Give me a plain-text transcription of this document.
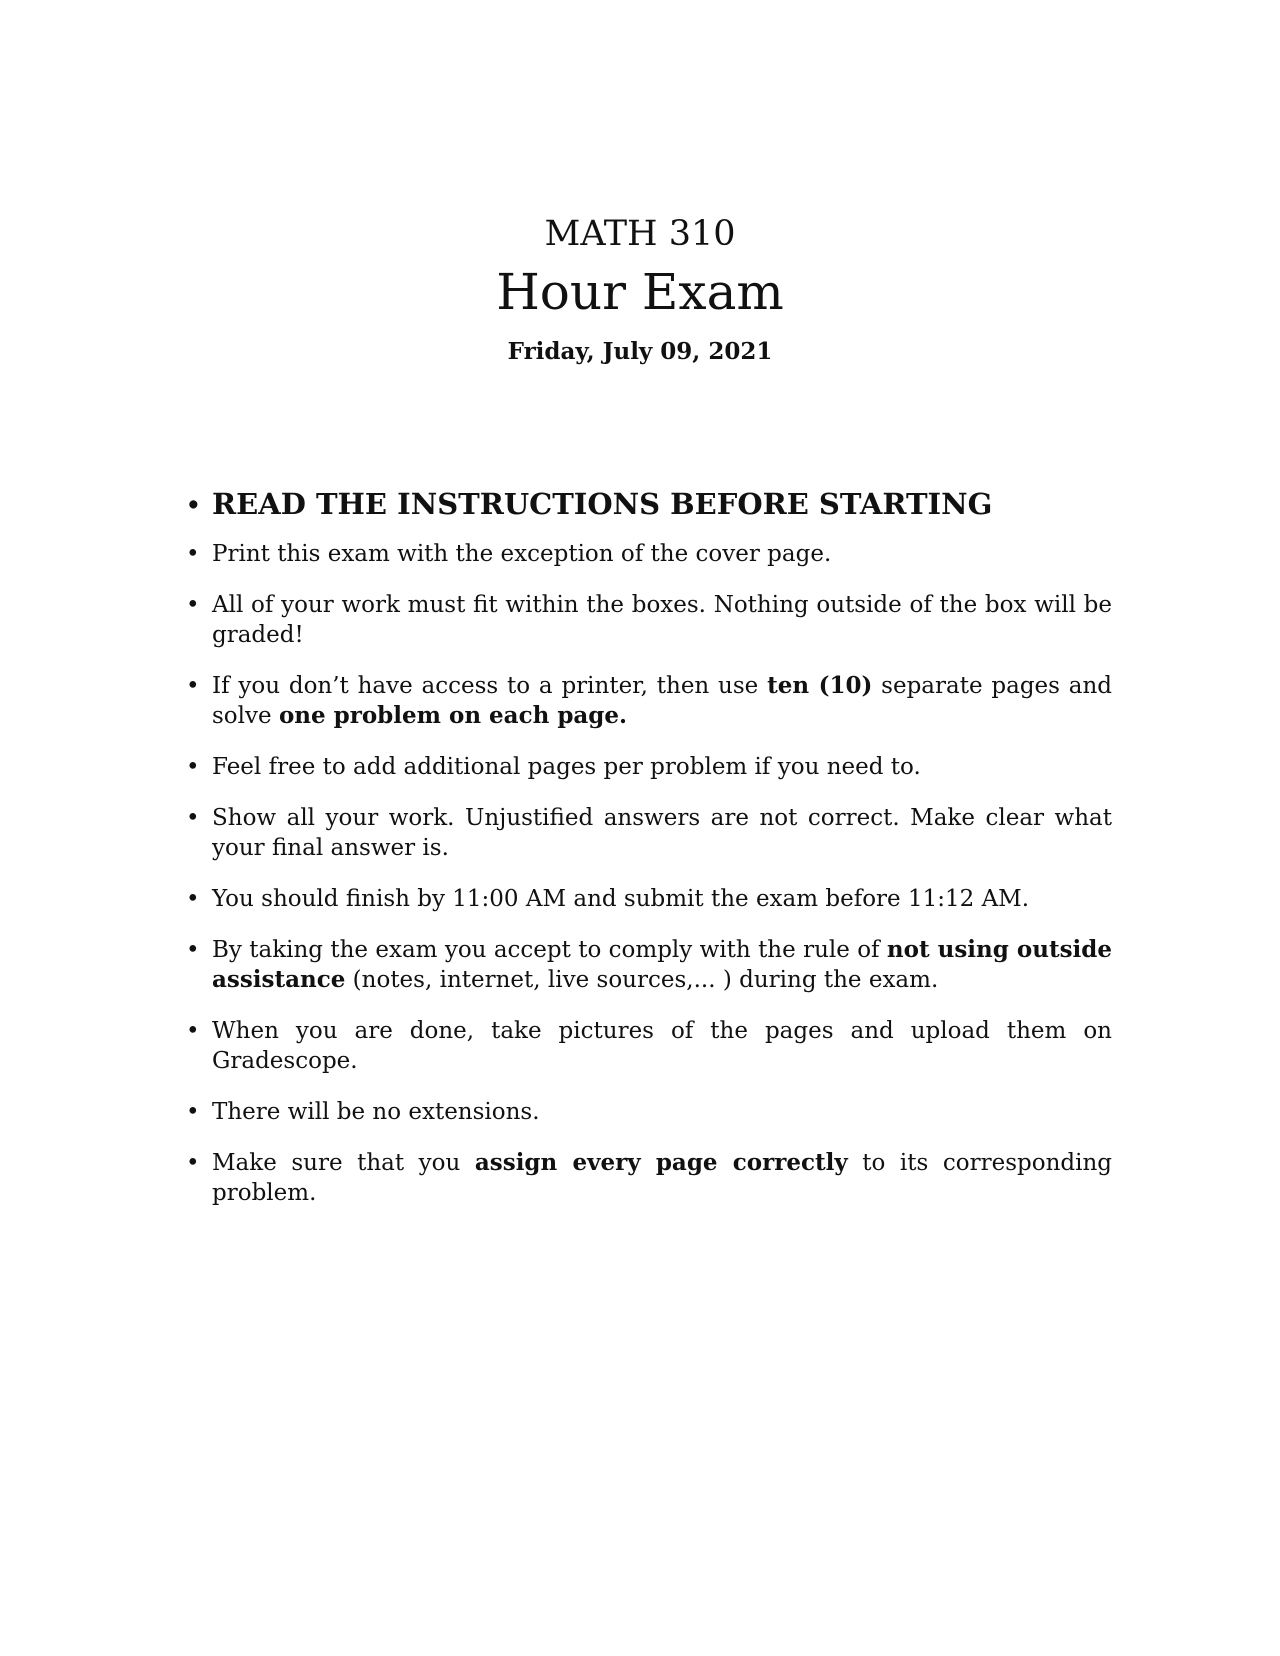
MATH 310
Hour Exam
Friday, July 09, 2021
• READ THE INSTRUCTIONS BEFORE STARTING
• Print this exam with the exception of the cover page.
• All of your work must fit within the boxes. Nothing outside of the box will be graded!
• If you don’t have access to a printer, then use ten (10) separate pages and solve one problem on each page.
• Feel free to add additional pages per problem if you need to.
• Show all your work. Unjustified answers are not correct. Make clear what your final answer is.
• You should finish by 11:00 AM and submit the exam before 11:12 AM.
• By taking the exam you accept to comply with the rule of not using outside assistance (notes, internet, live sources,... ) during the exam.
• When you are done, take pictures of the pages and upload them on Gradescope.
• There will be no extensions.
• Make sure that you assign every page correctly to its corresponding problem.
